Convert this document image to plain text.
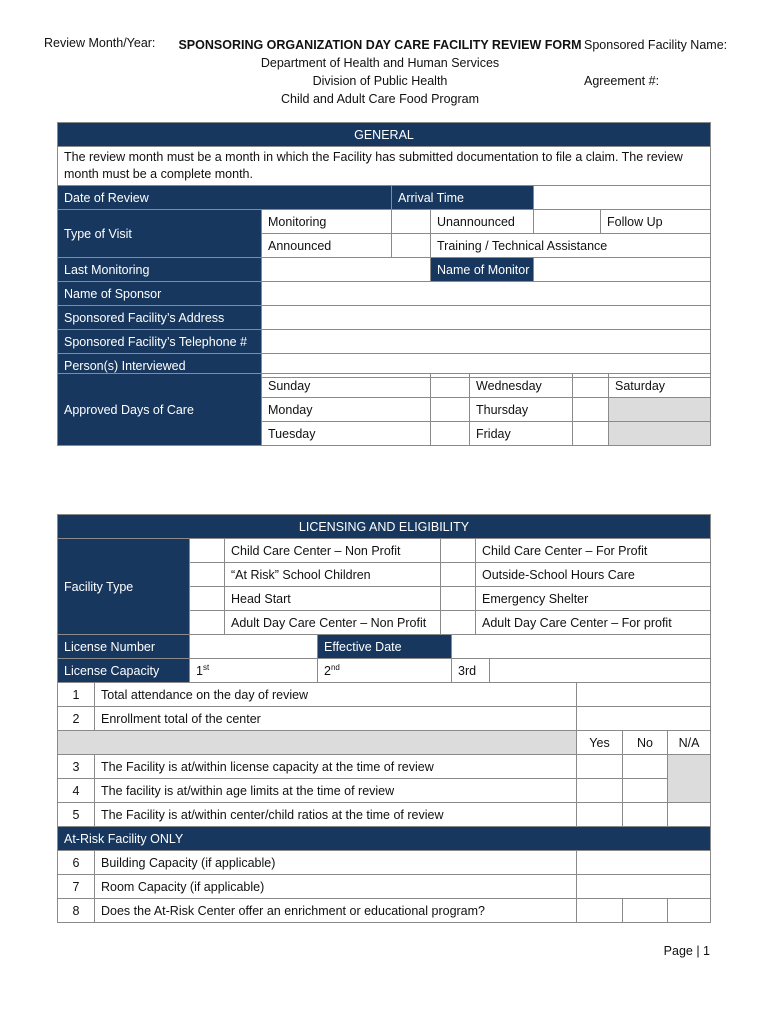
Review Month/Year:	SPONSORING ORGANIZATION DAY CARE FACILITY REVIEW FORM
Department of Health and Human Services
Division of Public Health
Child and Adult Care Food Program
Sponsored Facility Name:
Agreement #:
GENERAL					
The review month must be a month in which the Facility has submitted documentation to file a claim. The review month must be a complete month.					
Date of Review		Arrival Time			
Type of Visit	Monitoring		Unannounced		Follow Up
	Announced		Training / Technical Assistance		
Last Monitoring			Name of Monitor		
Name of Sponsor					
Sponsored Facility’s Address					
Sponsored Facility’s Telephone #					
Person(s) Interviewed					
Approved Days of Care	Sunday		Wednesday		Saturday
	Monday		Thursday		
	Tuesday		Friday		
LICENSING AND ELIGIBILITY				
Facility Type		Child Care Center – Non Profit		Child Care Center – For Profit
		“At Risk” School Children		Outside-School Hours Care
		Head Start		Emergency Shelter
		Adult Day Care Center – Non Profit		Adult Day Care Center – For profit
License Number		Effective Date		
License Capacity	1st	2nd	3rd	
1	Total attendance on the day of review			
2	Enrollment total of the center			
		Yes	No	N/A
3	The Facility is at/within license capacity at the time of review			
4	The facility is at/within age limits at the time of review			
5	The Facility is at/within center/child ratios at the time of review			
At-Risk Facility ONLY				
6	Building Capacity (if applicable)			
7	Room Capacity (if applicable)			
8	Does the At-Risk Center offer an enrichment or educational program?			
Page | 1
